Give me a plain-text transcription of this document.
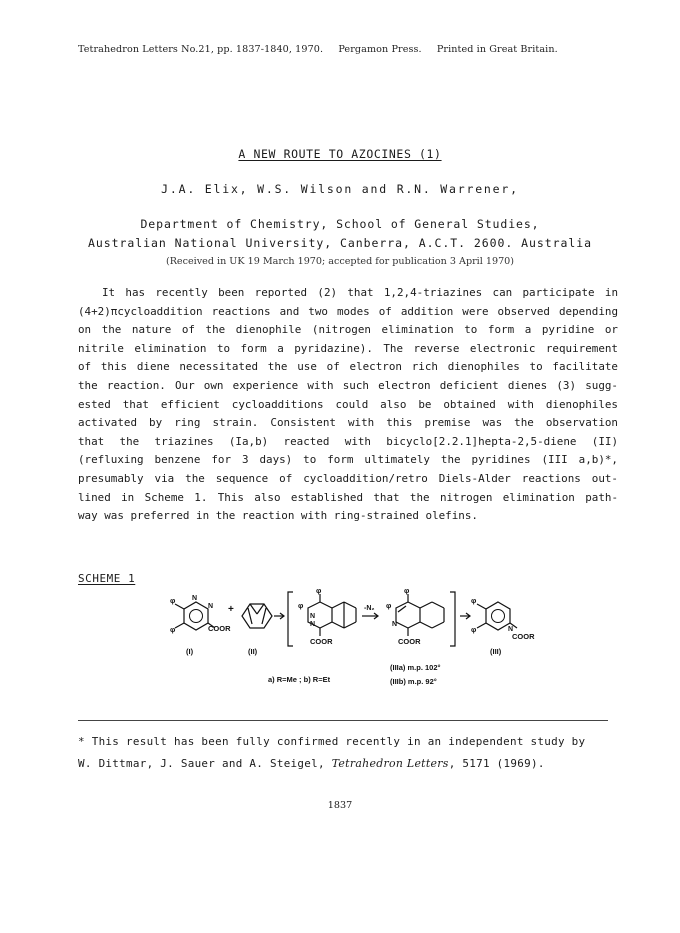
Tetrahedron Letters No.21, pp. 1837-1840, 1970. Pergamon Press. Printed in Great Britain.
A NEW ROUTE TO AZOCINES (1)
J.A. Elix, W.S. Wilson and R.N. Warrener,
Department of Chemistry, School of General Studies,
Australian National University, Canberra, A.C.T. 2600. Australia
(Received in UK 19 March 1970; accepted for publication 3 April 1970)
It has recently been reported (2) that 1,2,4-triazines can participate in
(4+2)πcycloaddition reactions and two modes of addition were observed depending
on the nature of the dienophile (nitrogen elimination to form a pyridine or
nitrile elimination to form a pyridazine). The reverse electronic requirement
of this diene necessitated the use of electron rich dienophiles to facilitate
the reaction. Our own experience with such electron deficient dienes (3) sugg-
ested that efficient cycloadditions could also be obtained with dienophiles
activated by ring strain. Consistent with this premise was the observation
that the triazines (Ia,b) reacted with bicyclo[2.2.1]hepta-2,5-diene (II)
(refluxing benzene for 3 days) to form ultimately the pyridines (III a,b)*,
presumably via the sequence of cycloaddition/retro Diels-Alder reactions out-
lined in Scheme 1. This also established that the nitrogen elimination path-
way was preferred in the reaction with ring-strained olefins.
SCHEME 1
φ
φ
N
N
COOR
+
φ
φ
N
N
COOR
-N₂
φ
φ
N
COOR
φ
φ	N
COOR
(I)	(II)	(III)
(IIIa) m.p. 102°
(IIIb) m.p. 92°
a) R=Me ; b) R=Et
* This result has been fully confirmed recently in an independent study by
W. Dittmar, J. Sauer and A. Steigel, Tetrahedron Letters, 5171 (1969).
1837
